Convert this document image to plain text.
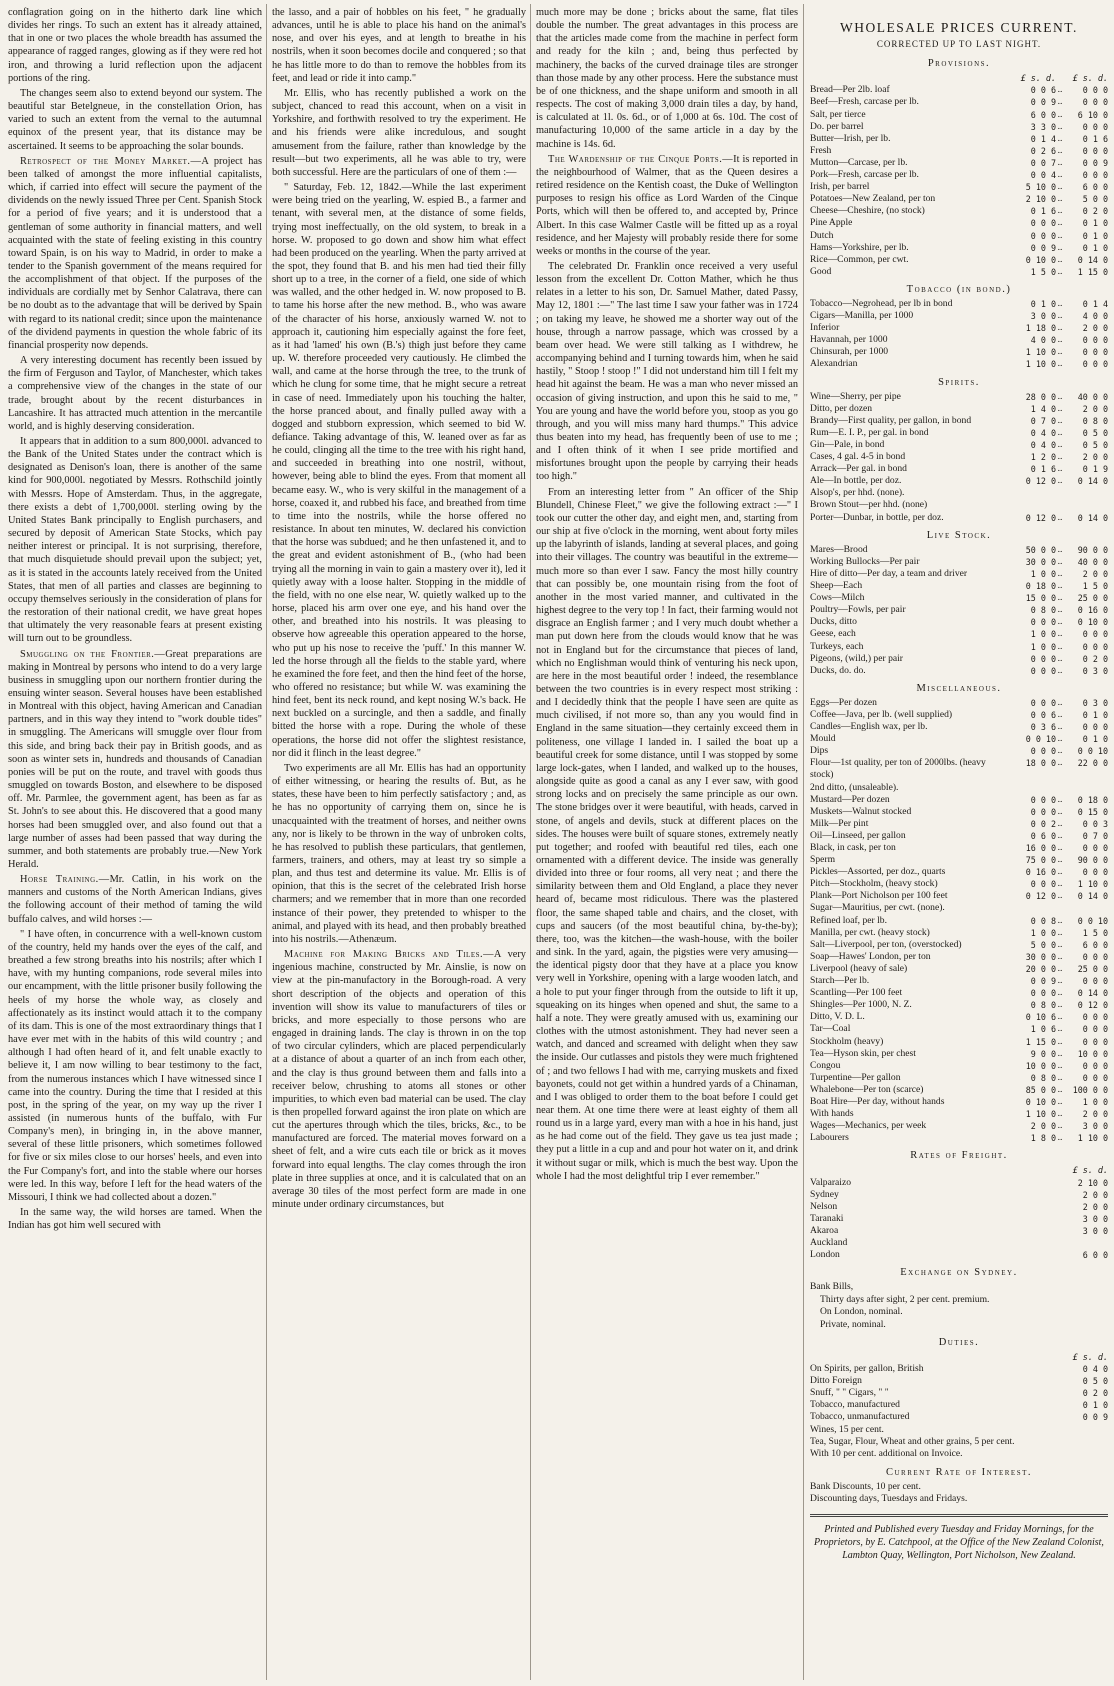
conflagration going on in the hitherto dark line which divides her rings. To such an extent has it already attained, that in one or two places the whole breadth has assumed the appearance of ragged ranges, glowing as if they were red hot iron, and throwing a lurid reflection upon the adjacent portions of the ring.

The changes seem also to extend beyond our system. The beautiful star Betelgneue, in the constellation Orion, has varied to such an extent from the vernal to the autumnal equinox of the present year, that its distance may be ascertained. It seems to be approaching the solar bounds.

Retrospect of the Money Market.—A project has been talked of amongst the more influential capitalists, which, if carried into effect will secure the payment of the dividends on the newly issued Three per Cent. Spanish Stock for a period of five years; and it is understood that a gentleman of some authority in financial matters, and well acquainted with the state of feeling existing in this country toward Spain, is on his way to Madrid, in order to make a tender to the Spanish government of the means required for the accomplishment of that object. If the purposes of the individuals are cordially met by Senhor Calatrava, there can be no doubt as to the advantage that will be derived by Spain with regard to its national credit; since upon the maintenance of the dividend payments in question the whole fabric of its financial prosperity now depends.

A very interesting document has recently been issued by the firm of Ferguson and Taylor, of Manchester, which takes a comprehensive view of the changes in the state of our trade, brought about by the recent disturbances in Lancashire. It has attracted much attention in the mercantile world, and is highly deserving consideration.

It appears that in addition to a sum 800,000l. advanced to the Bank of the United States under the contract which is designated as Denison's loan, there is another of the same kind for 900,000l. negotiated by Messrs. Rothschild jointly with Messrs. Hope of Amsterdam. Thus, in the aggregate, there exists a debt of 1,700,000l. sterling owing by the United States Bank principally to English purchasers, and secured by deposit of American State Stocks, which pay neither interest or principal. It is not surprising, therefore, that much disquietude should prevail upon the subject; yet, as it is stated in the accounts lately received from the United States, that men of all parties and classes are beginning to occupy themselves seriously in the consideration of plans for the restoration of their national credit, we have great hopes that ultimately the very reasonable fears at present existing will turn out to be groundless.

Smuggling on the Frontier.—Great preparations are making in Montreal by persons who intend to do a very large business in smuggling upon our northern frontier during the ensuing winter season. Several houses have been established in Montreal with this object, having American and Canadian partners, and in this way they intend to "work double tides" in smuggling. The Americans will smuggle over flour from this side, and bring back their pay in British goods, and as soon as winter sets in, hundreds and thousands of Canadian ponies will be put on the route, and travel with goods thus smuggled on towards Boston, and elsewhere to be disposed off. Mr. Parmlee, the government agent, has been as far as St. John's to see about this. He discovered that a good many horses had been smuggled over, and also found out that a large number of asses had been passed that way during the summer, and both statements are probably true.—New York Herald.

Horse Training.—Mr. Catlin, in his work on the manners and customs of the North American Indians, gives the following account of their method of taming the wild buffalo calves, and wild horses :—

" I have often, in concurrence with a well-known custom of the country, held my hands over the eyes of the calf, and breathed a few strong breaths into his nostrils; after which I have, with my hunting companions, rode several miles into our encampment, with the little prisoner busily following the heels of my horse the whole way, as closely and affectionately as its instinct would attach it to the company of its dam. This is one of the most extraordinary things that I have ever met with in the habits of this wild country ; and although I had often heard of it, and felt unable exactly to believe it, I am now willing to bear testimony to the fact, from the numerous instances which I have witnessed since I came into the country. During the time that I resided at this post, in the spring of the year, on my way up the river I assisted (in numerous hunts of the buffalo, with Fur Company's men), in bringing in, in the above manner, several of these little prisoners, which sometimes followed for five or six miles close to our horses' heels, and even into the Fur Company's fort, and into the stable where our horses were led. In this way, before I left for the head waters of the Missouri, I think we had collected about a dozen."

In the same way, the wild horses are tamed. When the Indian has got him well secured with

the lasso, and a pair of hobbles on his feet, " he gradually advances, until he is able to place his hand on the animal's nose, and over his eyes, and at length to breathe in his nostrils, when it soon becomes docile and conquered ; so that he has little more to do than to remove the hobbles from its feet, and lead or ride it into camp."

Mr. Ellis, who has recently published a work on the subject, chanced to read this account, when on a visit in Yorkshire, and forthwith resolved to try the experiment. He and his friends were alike incredulous, and sought amusement from the failure, rather than knowledge by the result—but two experiments, all he was able to try, were both successful. Here are the particulars of one of them :—

" Saturday, Feb. 12, 1842.—While the last experiment were being tried on the yearling, W. espied B., a farmer and tenant, with several men, at the distance of some fields, trying most ineffectually, on the old system, to break in a horse. W. proposed to go down and show him what effect had been produced on the yearling. When the party arrived at the spot, they found that B. and his men had tied their filly short up to a tree, in the corner of a field, one side of which was walled, and the other hedged in. W. now proposed to B. to tame his horse after the new method. B., who was aware of the character of his horse, anxiously warned W. not to approach it, cautioning him especially against the fore feet, as it had 'lamed' his own (B.'s) thigh just before they came up. W. therefore proceeded very cautiously. He climbed the wall, and came at the horse through the tree, to the trunk of which he clung for some time, that he might secure a retreat in case of need. Immediately upon his touching the halter, the horse pranced about, and finally pulled away with a dogged and stubborn expression, which seemed to bid W. defiance. Taking advantage of this, W. leaned over as far as he could, clinging all the time to the tree with his right hand, and succeeded in breathing into one nostril, without, however, being able to blind the eyes. From that moment all became easy. W., who is very skilful in the management of a horse, coaxed it, and rubbed his face, and breathed from time to time into the nostrils, while the horse offered no resistance. In about ten minutes, W. declared his conviction that the horse was subdued; and he then unfastened it, and to the great and evident astonishment of B., (who had been trying all the morning in vain to gain a mastery over it), led it quietly away with a loose halter. Stopping in the middle of the field, with no one else near, W. quietly walked up to the horse, placed his arm over one eye, and his hand over the other, and breathed into his nostrils. It was pleasing to observe how agreeable this operation appeared to the horse, who put up his nose to receive the 'puff.' In this manner W. led the horse through all the fields to the stable yard, where he examined the fore feet, and then the hind feet of the horse, who offered no resistance; but while W. was examining the hind feet, bent its neck round, and kept nosing W.'s back. He next buckled on a surcingle, and then a saddle, and finally bitted the horse with a rope. During the whole of these operations, the horse did not offer the slightest resistance, nor did it flinch in the least degree."

Two experiments are all Mr. Ellis has had an opportunity of either witnessing, or hearing the results of. But, as he states, these have been to him perfectly satisfactory ; and, as he has no opportunity of carrying them on, since he is unacquainted with the treatment of horses, and neither owns any, nor is likely to be thrown in the way of unbroken colts, he has resolved to publish these particulars, that gentlemen, farmers, trainers, and others, may at least try so simple a plan, and thus test and determine its value. Mr. Ellis is of opinion, that this is the secret of the celebrated Irish horse charmers; and we remember that in more than one recorded instance of their power, they pretended to whisper to the animal, and played with its head, and then probably breathed into his nostrils.—Athenæum.

Machine for Making Bricks and Tiles.—A very ingenious machine, constructed by Mr. Ainslie, is now on view at the pin-manufactory in the Borough-road. A very short description of the objects and operation of this invention will show its value to manufacturers of tiles or bricks, and more especially to those persons who are engaged in draining lands. The clay is thrown in on the top of two circular cylinders, which are placed perpendicularly at a distance of about a quarter of an inch from each other, and the clay is thus ground between them and falls into a receiver below, chrushing to atoms all stones or other impurities, to which even bad material can be used. The clay is then propelled forward against the iron plate on which are cut the apertures through which the tiles, bricks, &c., to be manufactured are forced. The material moves forward on a sheet of felt, and a wire cuts each tile or brick as it moves forward into equal lengths. The clay comes through the iron plate in three supplies at once, and it is calculated that on an average 30 tiles of the most perfect form are made in one minute under ordinary circumstances, but

much more may be done ; bricks about the same, flat tiles double the number. The great advantages in this process are that the articles made come from the machine in perfect form and ready for the kiln ; and, being thus perfected by machinery, the backs of the curved drainage tiles are stronger than those made by any other process. Here the substance must be of one thickness, and the shape uniform and smooth in all respects. The cost of making 3,000 drain tiles a day, by hand, is calculated at 1l. 0s. 6d., or of 1,000 at 6s. 10d. The cost of manufacturing 10,000 of the same article in a day by the machine is 14s. 6d.

The Wardenship of the Cinque Ports.—It is reported in the neighbourhood of Walmer, that as the Queen desires a retired residence on the Kentish coast, the Duke of Wellington purposes to resign his office as Lord Warden of the Cinque Ports, which will then be offered to, and accepted by, Prince Albert. In this case Walmer Castle will be fitted up as a royal residence, and her Majesty will probably reside there for some weeks or months in the course of the year.

The celebrated Dr. Franklin once received a very useful lesson from the excellent Dr. Cotton Mather, which he thus relates in a letter to his son, Dr. Samuel Mather, dated Passy, May 12, 1801 :—" The last time I saw your father was in 1724 ; on taking my leave, he showed me a shorter way out of the house, through a narrow passage, which was crossed by a beam over head. We were still talking as I withdrew, he accompanying behind and I turning towards him, when he said hastily, " Stoop ! stoop !" I did not understand him till I felt my head hit against the beam. He was a man who never missed an occasion of giving instruction, and upon this he said to me, " You are young and have the world before you, stoop as you go through, and you will miss many hard thumps." This advice thus beaten into my head, has frequently been of use to me ; and I often think of it when I see pride mortified and misfortunes brought upon the people by carrying their heads too high."

From an interesting letter from " An officer of the Ship Blundell, Chinese Fleet," we give the following extract :—" I took our cutter the other day, and eight men, and, starting from our ship at five o'clock in the morning, went about forty miles up the labyrinth of islands, landing at several places, and going into their villages. The country was beautiful in the extreme—much more so than ever I saw. Fancy the most hilly country that can possibly be, one mountain rising from the foot of another in the most varied manner, and cultivated in the highest degree to the very top ! In fact, their farming would not disgrace an English farmer ; and I very much doubt whether a man put down here from the clouds would know that he was not in England but for the circumstance that pieces of land, which no Englishman would think of venturing his neck upon, are here in the most beautiful order ! indeed, the resemblance between the two countries is in every respect most striking : and I decidedly think that the people I have seen are quite as much civilised, if not more so, than any you would find in England in the same situation—they certainly exceed them in politeness, one village I landed in. I sailed the boat up a beautiful creek for some distance, until I was stopped by some large lock-gates, when I landed, and walked up to the houses, alongside quite as good a canal as any I ever saw, with good strong locks and on precisely the same principle as our own. The stone bridges over it were beautiful, with heads, carved in stone, of angels and devils, stuck at different places on the sides. The houses were built of square stones, extremely neatly put together; and roofed with beautiful red tiles, each one ornamented with a different device. The inside was generally divided into three or four rooms, all very neat ; and there the similarity between them and Old England, a place they never heard of, became most ridiculous. There was the plastered floor, the same shaped table and chairs, and the closet, with cups and saucers (of the most beautiful china, by-the-by); there, too, was the kitchen—the wash-house, with the boiler and sink. In the yard, again, the pigsties were very amusing—the identical pigsty door that they have at a place you know very well in Yorkshire, opening with a large wooden latch, and a hole to put your finger through from the outside to lift it up, squeaking on its hinges when opened and shut, the same to a half a note. They were greatly amused with us, examining our clothes with the utmost astonishment. They had never seen a watch, and danced and screamed with delight when they saw the inside. Our cutlasses and pistols they were much frightened of ; and two fellows I had with me, carrying muskets and fixed bayonets, could not get within a hundred yards of a Chinaman, and I was obliged to order them to the boat before I could get near them. At one time there were at least eighty of them all round us in a large yard, every man with a hoe in his hand, just as he had come out of the field. They gave us tea just made ; they put a little in a cup and and pour hot water on it, and drink it without sugar or milk, which is much the best way. Upon the whole I had the most delightful trip I ever remember."

WHOLESALE PRICES CURRENT.
CORRECTED UP TO LAST NIGHT.
Provisions.
	£ s. d.		£ s. d.
Bread—Per 2lb. loaf	0 0 6	..	0 0 0
Beef—Fresh, carcase per lb.	0 0 9	..	0 0 0
Salt, per tierce	6 0 0	..	6 10 0
Do. per barrel	3 3 0	..	0 0 0
Butter—Irish, per lb.	0 1 4	..	0 1 6
Fresh	0 2 6	..	0 0 0
Mutton—Carcase, per lb.	0 0 7	..	0 0 9
Pork—Fresh, carcase per lb.	0 0 4	..	0 0 0
Irish, per barrel	5 10 0	..	6 0 0
Potatoes—New Zealand, per ton	2 10 0	..	5 0 0
Cheese—Cheshire, (no stock)	0 1 6	..	0 2 0
Pine Apple	0 0 0	..	0 1 0
Dutch	0 0 0	..	0 1 0
Hams—Yorkshire, per lb.	0 0 9	..	0 1 0
Rice—Common, per cwt.	0 10 0	..	0 14 0
Good	1 5 0	..	1 15 0
Tobacco (in bond.)
Tobacco—Negrohead, per lb in bond	0 1 0	..	0 1 4
Cigars—Manilla, per 1000	3 0 0	..	4 0 0
Inferior	1 18 0	..	2 0 0
Havannah, per 1000	4 0 0	..	0 0 0
Chinsurah, per 1000	1 10 0	..	0 0 0
Alexandrian	1 10 0	..	0 0 0
Spirits.
Wine—Sherry, per pipe	28 0 0	..	40 0 0
Ditto, per dozen	1 4 0	..	2 0 0
Brandy—First quality, per gallon, in bond	0 7 0	..	0 8 0
Rum—E. I. P., per gal. in bond	0 4 0	..	0 5 0
Gin—Pale, in bond	0 4 0	..	0 5 0
Cases, 4 gal. 4-5 in bond	1 2 0	..	2 0 0
Arrack—Per gal. in bond	0 1 6	..	0 1 9
Ale—In bottle, per doz.	0 12 0	..	0 14 0
Alsop's, per hhd. (none).			
Brown Stout—per hhd. (none)			
Porter—Dunbar, in bottle, per doz.	0 12 0	..	0 14 0
Live Stock.
Mares—Brood	50 0 0	..	90 0 0
Working Bullocks—Per pair	30 0 0	..	40 0 0
Hire of ditto—Per day, a team and driver	1 0 0	..	2 0 0
Sheep—Each	0 18 0	..	1 5 0
Cows—Milch	15 0 0	..	25 0 0
Poultry—Fowls, per pair	0 8 0	..	0 16 0
Ducks, ditto	0 0 0	..	0 10 0
Geese, each	1 0 0	..	0 0 0
Turkeys, each	1 0 0	..	0 0 0
Pigeons, (wild,) per pair	0 0 0	..	0 2 0
Ducks, do. do.	0 0 0	..	0 3 0
Miscellaneous.
Eggs—Per dozen	0 0 0	..	0 3 0
Coffee—Java, per lb. (well supplied)	0 0 6	..	0 1 0
Candles—English wax, per lb.	0 3 6	..	0 0 0
Mould	0 0 10	..	0 1 0
Dips	0 0 0	..	0 0 10
Flour—1st quality, per ton of 2000lbs. (heavy stock)	18 0 0	..	22 0 0
2nd ditto, (unsaleable).			
Mustard—Per dozen	0 0 0	..	0 18 0
Muskets—Walnut stocked	0 0 0	..	0 15 0
Milk—Per pint	0 0 2	..	0 0 3
Oil—Linseed, per gallon	0 6 0	..	0 7 0
Black, in cask, per ton	16 0 0	..	0 0 0
Sperm	75 0 0	..	90 0 0
Pickles—Assorted, per doz., quarts	0 16 0	..	0 0 0
Pitch—Stockholm, (heavy stock)	0 0 0	..	1 10 0
Plank—Port Nicholson per 100 feet	0 12 0	..	0 14 0
Sugar—Mauritius, per cwt. (none).			
Refined loaf, per lb.	0 0 8	..	0 0 10
Manilla, per cwt. (heavy stock)	1 0 0	..	1 5 0
Salt—Liverpool, per ton, (overstocked)	5 0 0	..	6 0 0
Soap—Hawes' London, per ton	30 0 0	..	0 0 0
Liverpool (heavy of sale)	20 0 0	..	25 0 0
Starch—Per lb.	0 0 9	..	0 0 0
Scantling—Per 100 feet	0 0 0	..	0 14 0
Shingles—Per 1000, N. Z.	0 8 0	..	0 12 0
Ditto, V. D. L.	0 10 6	..	0 0 0
Tar—Coal	1 0 6	..	0 0 0
Stockholm (heavy)	1 15 0	..	0 0 0
Tea—Hyson skin, per chest	9 0 0	..	10 0 0
Congou	10 0 0	..	0 0 0
Turpentine—Per gallon	0 8 0	..	0 0 0
Whalebone—Per ton (scarce)	85 0 0	..	100 0 0
Boat Hire—Per day, without hands	0 10 0	..	1 0 0
With hands	1 10 0	..	2 0 0
Wages—Mechanics, per week	2 0 0	..	3 0 0
Labourers	1 8 0	..	1 10 0
Rates of Freight.
	£ s. d.
Valparaizo	2 10 0
Sydney	2 0 0
Nelson	2 0 0
Taranaki	3 0 0
Akaroa	3 0 0
Auckland	
London	6 0 0
Exchange on Sydney.
Bank Bills,
Thirty days after sight, 2 per cent. premium.
On London, nominal.
Private, nominal.
Duties.
	£ s. d.
On Spirits, per gallon, British	0 4 0
Ditto Foreign	0 5 0
Snuff, " " Cigars, " "	0 2 0
Tobacco, manufactured	0 1 0
Tobacco, unmanufactured	0 0 9
Wines, 15 per cent.
Tea, Sugar, Flour, Wheat and other grains, 5 per cent.
With 10 per cent. additional on Invoice.
Current Rate of Interest.
Bank Discounts, 10 per cent.
Discounting days, Tuesdays and Fridays.
Printed and Published every Tuesday and Friday Mornings, for the Proprietors, by E. Catchpool, at the Office of the New Zealand Colonist, Lambton Quay, Wellington, Port Nicholson, New Zealand.
